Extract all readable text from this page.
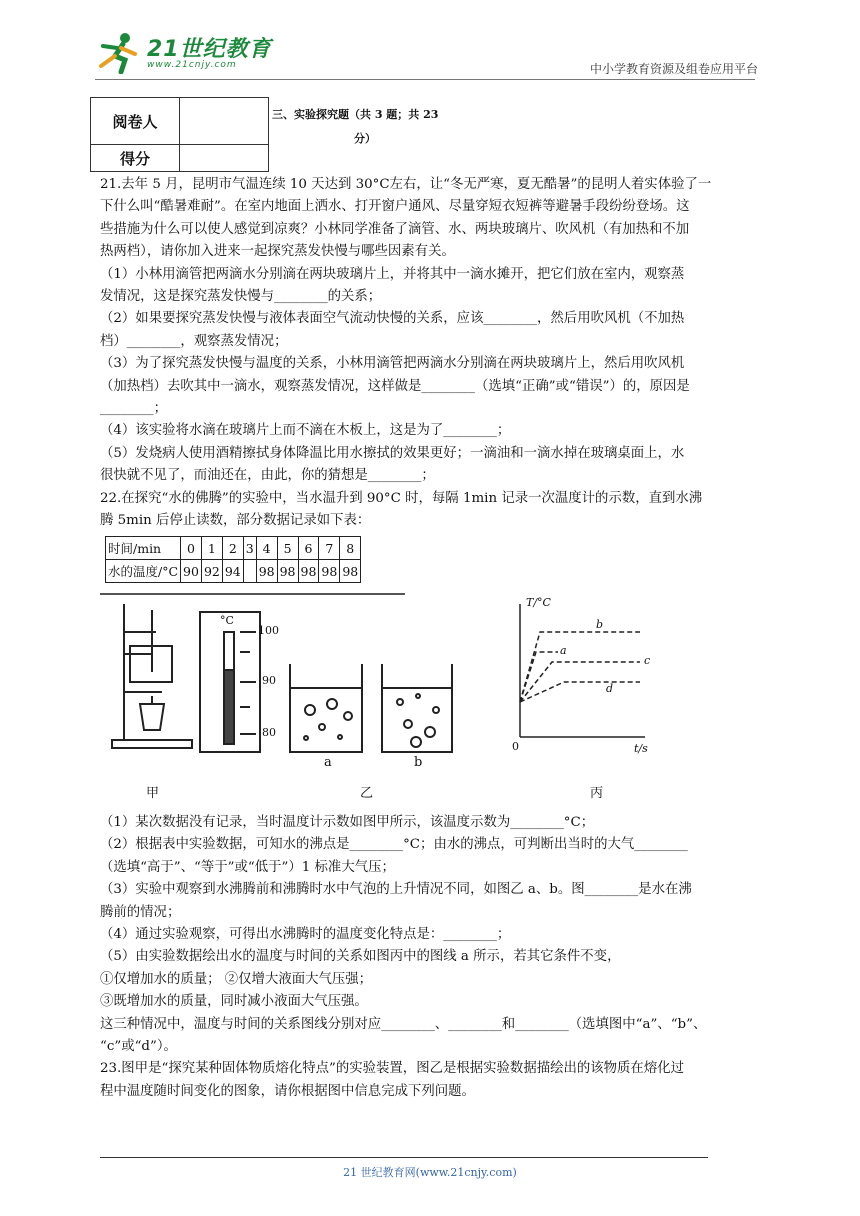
21世纪教育
www.21cnjy.com	中小学教育资源及组卷应用平台
阅卷人	
得分	
三、实验探究题（共 3 题；共 23
分）

21.去年 5 月，昆明市气温连续 10 天达到 30°C左右，让“冬无严寒，夏无酷暑”的昆明人着实体验了一

下什么叫“酷暑难耐”。在室内地面上洒水、打开窗户通风、尽量穿短衣短裤等避暑手段纷纷登场。这

些措施为什么可以使人感觉到凉爽？小林同学准备了滴管、水、两块玻璃片、吹风机（有加热和不加

热两档），请你加入进来一起探究蒸发快慢与哪些因素有关。

（1）小林用滴管把两滴水分别滴在两块玻璃片上，并将其中一滴水摊开，把它们放在室内，观察蒸

发情况，这是探究蒸发快慢与________的关系；

（2）如果要探究蒸发快慢与液体表面空气流动快慢的关系，应该________，然后用吹风机（不加热

档）________，观察蒸发情况；

（3）为了探究蒸发快慢与温度的关系，小林用滴管把两滴水分别滴在两块玻璃片上，然后用吹风机

（加热档）去吹其中一滴水，观察蒸发情况，这样做是________（选填“正确”或“错误”）的，原因是

________；

（4）该实验将水滴在玻璃片上而不滴在木板上，这是为了________；

（5）发烧病人使用酒精擦拭身体降温比用水擦拭的效果更好；一滴油和一滴水掉在玻璃桌面上，水

很快就不见了，而油还在，由此，你的猜想是________；

22.在探究“水的佛腾”的实验中，当水温升到 90°C 时，每隔 1min 记录一次温度计的示数，直到水沸

腾 5min 后停止读数，部分数据记录如下表：

时间/min	0	1	2	3	4	5	6	7	8
水的温度/°C	90	92	94		98	98	98	98	98
°C
100
90
80
a	b
T/°C
t/s
0
a
b
c
d
甲	乙	丙

（1）某次数据没有记录，当时温度计示数如图甲所示，该温度示数为________°C；

（2）根据表中实验数据，可知水的沸点是________°C；由水的沸点，可判断出当时的大气________

（选填“高于”、“等于”或“低于”）1 标准大气压；

（3）实验中观察到水沸腾前和沸腾时水中气泡的上升情况不同，如图乙 a、b。图________是水在沸

腾前的情况；

（4）通过实验观察，可得出水沸腾时的温度变化特点是：________；

（5）由实验数据绘出水的温度与时间的关系如图丙中的图线 a 所示，若其它条件不变，

①仅增加水的质量； ②仅增大液面大气压强；

③既增加水的质量，同时减小液面大气压强。

这三种情况中，温度与时间的关系图线分别对应________、________和________（选填图中“a”、“b”、

“c”或“d”）。

23.图甲是“探究某种固体物质熔化特点”的实验装置，图乙是根据实验数据描绘出的该物质在熔化过

程中温度随时间变化的图象，请你根据图中信息完成下列问题。

21 世纪教育网(www.21cnjy.com)
